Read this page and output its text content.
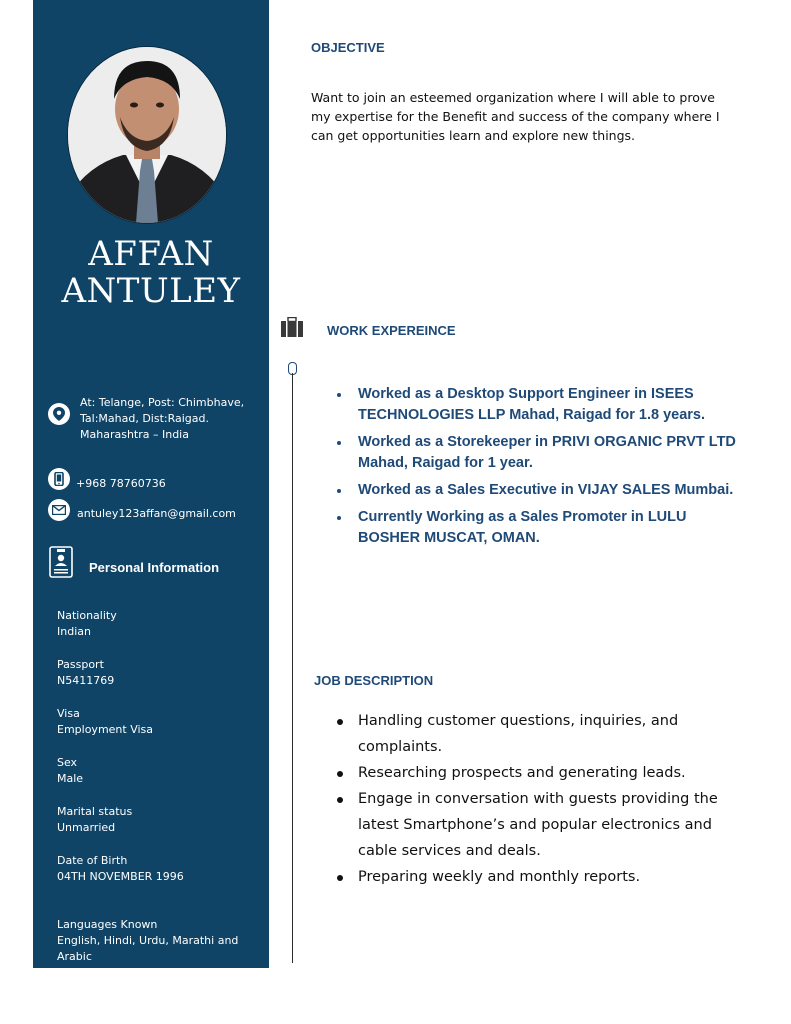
AFFAN
ANTULEY
At: Telange, Post: Chimbhave, Tal:Mahad, Dist:Raigad. Maharashtra – India
+968 78760736
antuley123affan@gmail.com
Personal Information
Nationality
Indian
Passport
N5411769
Visa
Employment Visa
Sex
Male
Marital status
Unmarried
Date of Birth
04TH NOVEMBER 1996
Languages Known
English, Hindi, Urdu, Marathi and Arabic
OBJECTIVE
Want to join an esteemed organization where I will able to prove my expertise for the Benefit and success of the company where I can get opportunities learn and explore new things.
WORK EXPEREINCE
Worked as a Desktop Support Engineer in ISEES TECHNOLOGIES LLP Mahad, Raigad for 1.8 years.
Worked as a Storekeeper in PRIVI ORGANIC PRVT LTD Mahad, Raigad for 1 year.
Worked as a Sales Executive in VIJAY SALES Mumbai.
Currently Working as a Sales Promoter in LULU BOSHER MUSCAT, OMAN.
JOB DESCRIPTION
Handling customer questions, inquiries, and complaints.
Researching prospects and generating leads.
Engage in conversation with guests providing the latest Smartphone’s and popular electronics and cable services and deals.
Preparing weekly and monthly reports.
